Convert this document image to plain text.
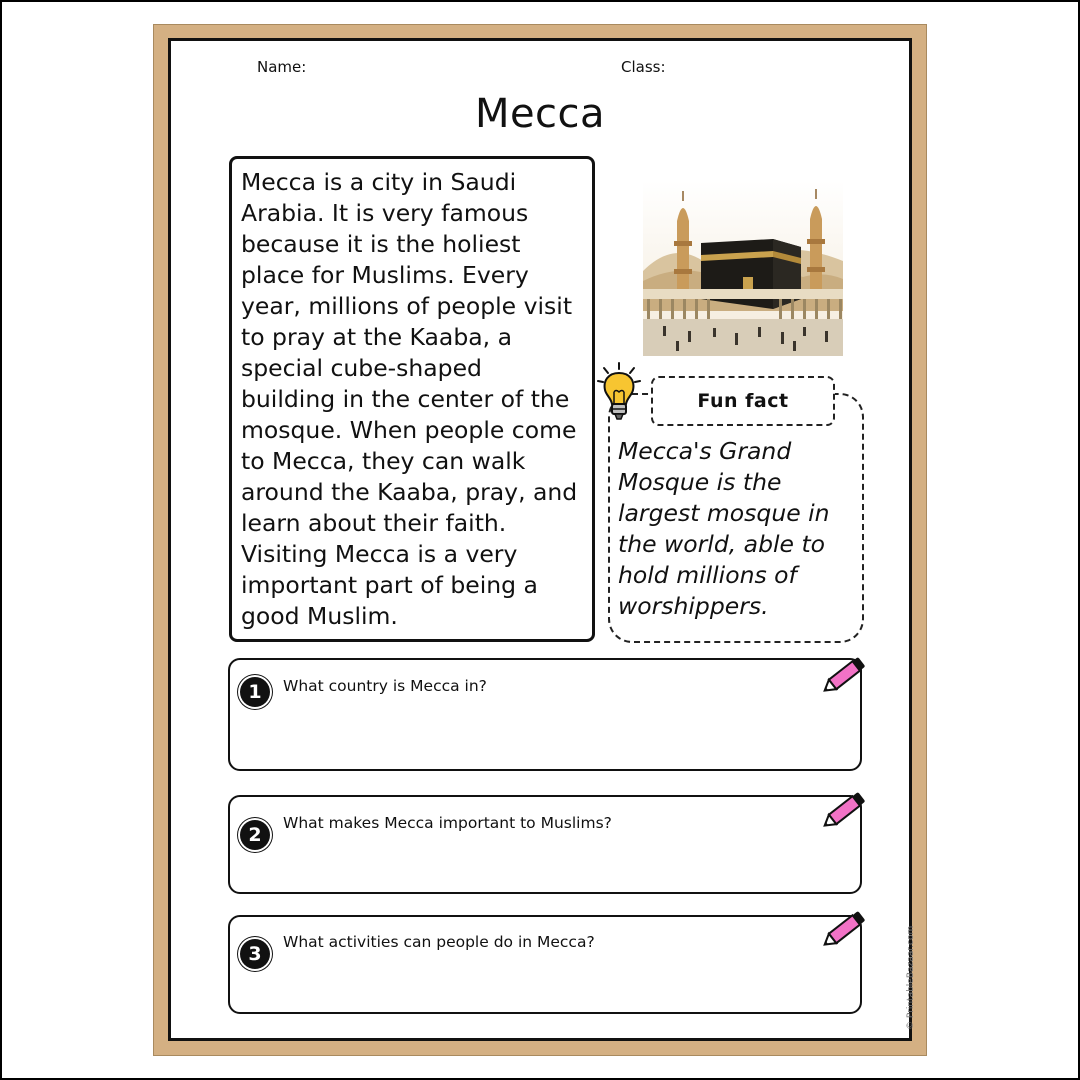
Name:	Class:
Mecca
Mecca is a city in Saudi Arabia. It is very famous because it is the holiest place for Muslims. Every year, millions of people visit to pray at the Kaaba, a special cube-shaped building in the center of the mosque. When people come to Mecca, they can walk around the Kaaba, pray, and learn about their faith. Visiting Mecca is a very important part of being a good Muslim.
Fun fact
Mecca's Grand Mosque is the largest mosque in the world, able to hold millions of worshippers.
1	What country is Mecca in?
2
What makes Mecca important to Muslims?
3
What activities can people do in Mecca?	© PrintableBazaar.com
